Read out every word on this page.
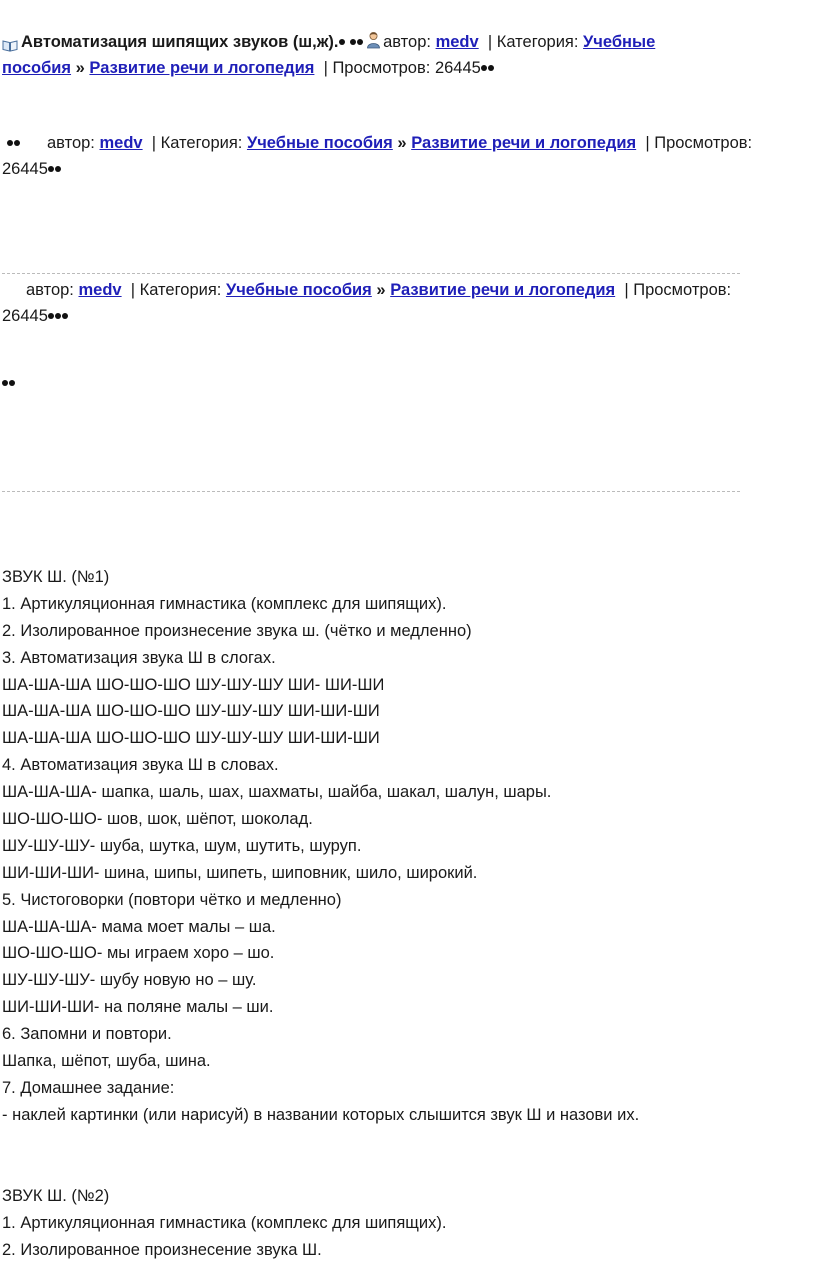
Автоматизация шипящих звуков (ш,ж).	автор: medv | Категория: Учебные
пособия » Развитие речи и логопедия | Просмотров: 26445
автор: medv | Категория: Учебные пособия » Развитие речи и логопедия | Просмотров:
26445
автор: medv | Категория: Учебные пособия » Развитие речи и логопедия | Просмотров:
26445
ЗВУК Ш. (№1)
1. Артикуляционная гимнастика (комплекс для шипящих).
2. Изолированное произнесение звука ш. (чётко и медленно)
3. Автоматизация звука Ш в слогах.
ША-ША-ША ШО-ШО-ШО ШУ-ШУ-ШУ ШИ- ШИ-ШИ
ША-ША-ША ШО-ШО-ШО ШУ-ШУ-ШУ ШИ-ШИ-ШИ
ША-ША-ША ШО-ШО-ШО ШУ-ШУ-ШУ ШИ-ШИ-ШИ
4. Автоматизация звука Ш в словах.
ША-ША-ША- шапка, шаль, шах, шахматы, шайба, шакал, шалун, шары.
ШО-ШО-ШО- шов, шок, шёпот, шоколад.
ШУ-ШУ-ШУ- шуба, шутка, шум, шутить, шуруп.
ШИ-ШИ-ШИ- шина, шипы, шипеть, шиповник, шило, широкий.
5. Чистоговорки (повтори чётко и медленно)
ША-ША-ША- мама моет малы – ша.
ШО-ШО-ШО- мы играем хоро – шо.
ШУ-ШУ-ШУ- шубу новую но – шу.
ШИ-ШИ-ШИ- на поляне малы – ши.
6. Запомни и повтори.
Шапка, шёпот, шуба, шина.
7. Домашнее задание:
- наклей картинки (или нарисуй) в названии которых слышится звук Ш и назови их.
ЗВУК Ш. (№2)
1. Артикуляционная гимнастика (комплекс для шипящих).
2. Изолированное произнесение звука Ш.
